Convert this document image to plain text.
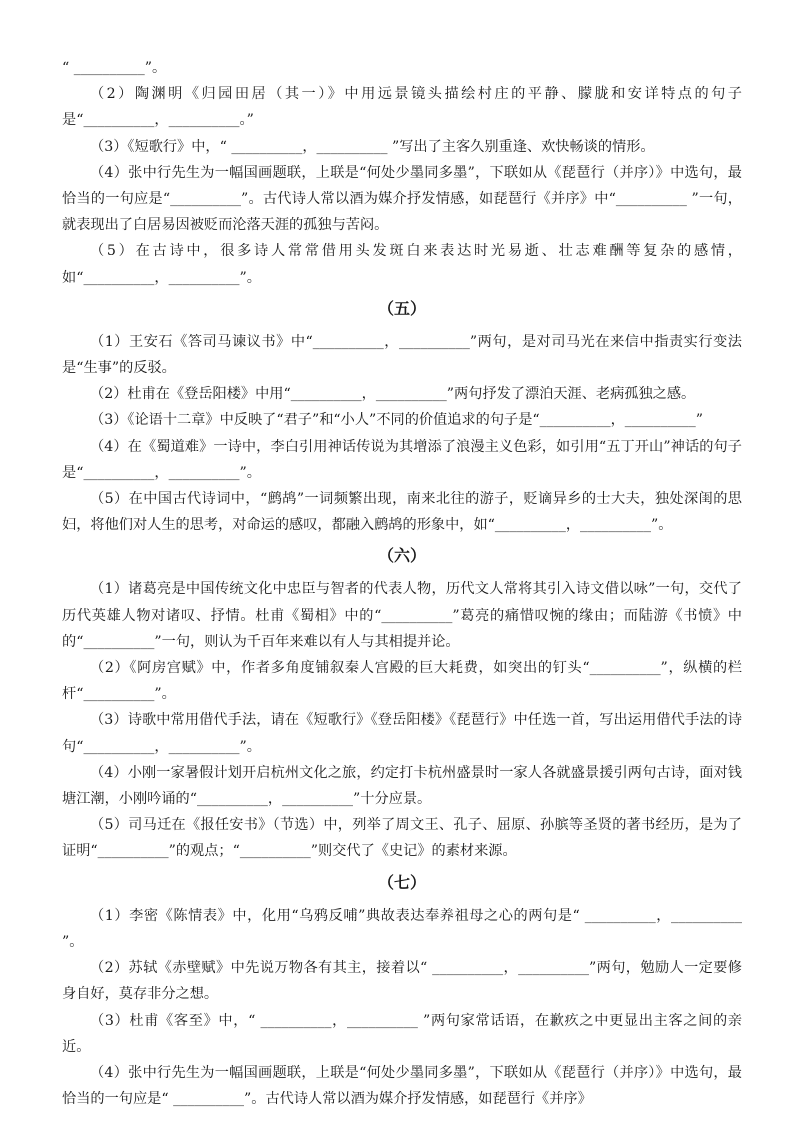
“ __________”。

（2）陶渊明《归园田居（其一）》中用远景镜头描绘村庄的平静、朦胧和安详特点的句子是“__________，__________。”

（3）《短歌行》中，“ __________，__________ ”写出了主客久别重逢、欢快畅谈的情形。

（4）张中行先生为一幅国画题联，上联是“何处少墨同多墨”，下联如从《琵琶行（并序）》中选句，最恰当的一句应是“__________”。古代诗人常以酒为媒介抒发情感，如琵琶行《并序》中“__________ ”一句，就表现出了白居易因被贬而沦落天涯的孤独与苦闷。

（5）在古诗中，很多诗人常常借用头发斑白来表达时光易逝、壮志难酬等复杂的感情，如“__________，__________”。

（五）

（1）王安石《答司马谏议书》中“__________，__________”两句，是对司马光在来信中指责实行变法是“生事”的反驳。

（2）杜甫在《登岳阳楼》中用“__________，__________”两句抒发了漂泊天涯、老病孤独之感。

（3）《论语十二章》中反映了“君子”和“小人”不同的价值追求的句子是“__________，__________”

（4）在《蜀道难》一诗中，李白引用神话传说为其增添了浪漫主义色彩，如引用“五丁开山”神话的句子是“__________，__________”。

（5）在中国古代诗词中，“鹧鸪”一词频繁出现，南来北往的游子，贬谪异乡的士大夫，独处深闺的思妇，将他们对人生的思考，对命运的感叹，都融入鹧鸪的形象中，如“__________，__________”。

（六）

（1）诸葛亮是中国传统文化中忠臣与智者的代表人物，历代文人常将其引入诗文借以咏”一句，交代了历代英雄人物对诸叹、抒情。杜甫《蜀相》中的“__________”葛亮的痛惜叹惋的缘由；而陆游《书愤》中的“__________”一句，则认为千百年来难以有人与其相提并论。

（2）《阿房宫赋》中，作者多角度铺叙秦人宫殿的巨大耗费，如突出的钉头“__________”，纵横的栏杆“__________”。

（3）诗歌中常用借代手法，请在《短歌行》《登岳阳楼》《琵琶行》中任选一首，写出运用借代手法的诗句“__________，__________”。

（4）小刚一家暑假计划开启杭州文化之旅，约定打卡杭州盛景时一家人各就盛景援引两句古诗，面对钱塘江潮，小刚吟诵的“__________，__________”十分应景。

（5）司马迁在《报任安书》（节选）中，列举了周文王、孔子、屈原、孙膑等圣贤的著书经历，是为了证明“__________”的观点；“__________”则交代了《史记》的素材来源。

（七）

（1）李密《陈情表》中，化用“乌鸦反哺”典故表达奉养祖母之心的两句是“ __________，__________ ”。

（2）苏轼《赤壁赋》中先说万物各有其主，接着以“ __________，__________”两句，勉励人一定要修身自好，莫存非分之想。

（3）杜甫《客至》中，“ __________，__________ ”两句家常话语，在歉疚之中更显出主客之间的亲近。

（4）张中行先生为一幅国画题联，上联是“何处少墨同多墨”，下联如从《琵琶行（并序）》中选句，最恰当的一句应是“ __________”。古代诗人常以酒为媒介抒发情感，如琵琶行《并序》
